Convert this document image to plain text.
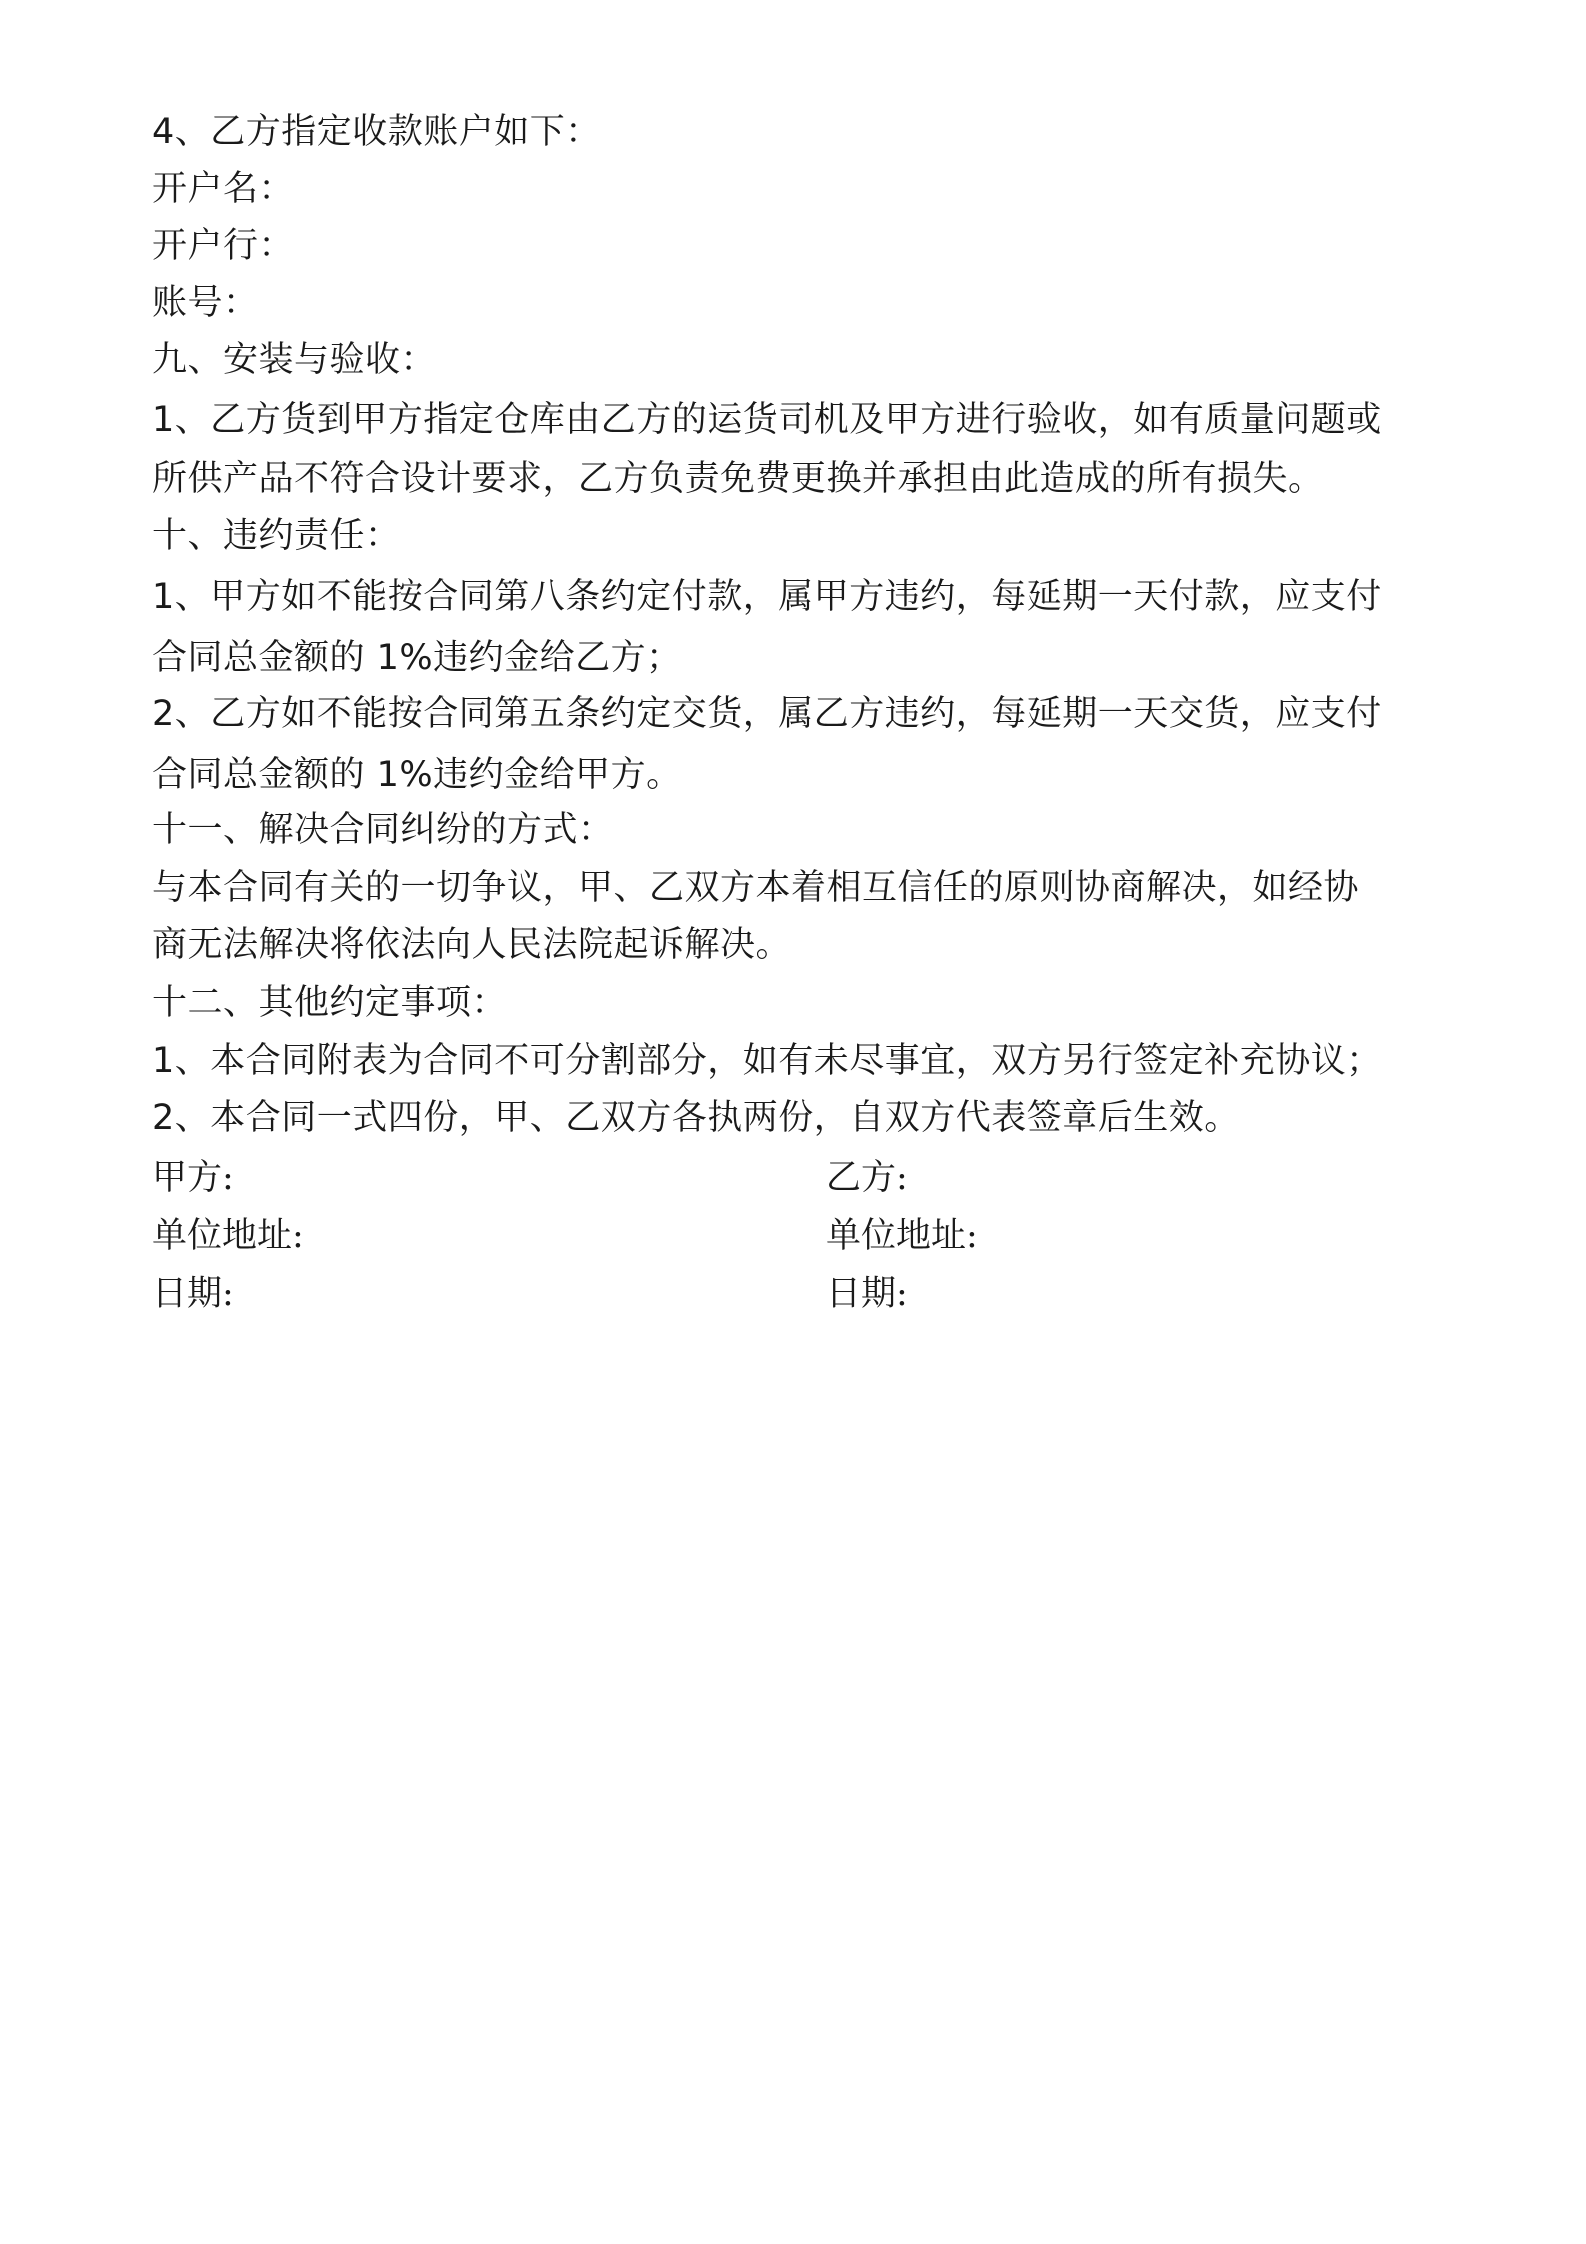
4、乙方指定收款账户如下：
开户名：
开户行：
账号：
九、安装与验收：
1、乙方货到甲方指定仓库由乙方的运货司机及甲方进行验收，如有质量问题或
所供产品不符合设计要求，乙方负责免费更换并承担由此造成的所有损失。
十、违约责任：
1、甲方如不能按合同第八条约定付款，属甲方违约，每延期一天付款，应支付
合同总金额的 1%违约金给乙方；
2、乙方如不能按合同第五条约定交货，属乙方违约，每延期一天交货，应支付
合同总金额的 1%违约金给甲方。
十一、解决合同纠纷的方式：
与本合同有关的一切争议，甲、乙双方本着相互信任的原则协商解决，如经协
商无法解决将依法向人民法院起诉解决。
十二、其他约定事项：
1、本合同附表为合同不可分割部分，如有未尽事宜，双方另行签定补充协议；
2、本合同一式四份，甲、乙双方各执两份，自双方代表签章后生效。
甲方:	乙方:
单位地址:	单位地址:
日期:	日期:
